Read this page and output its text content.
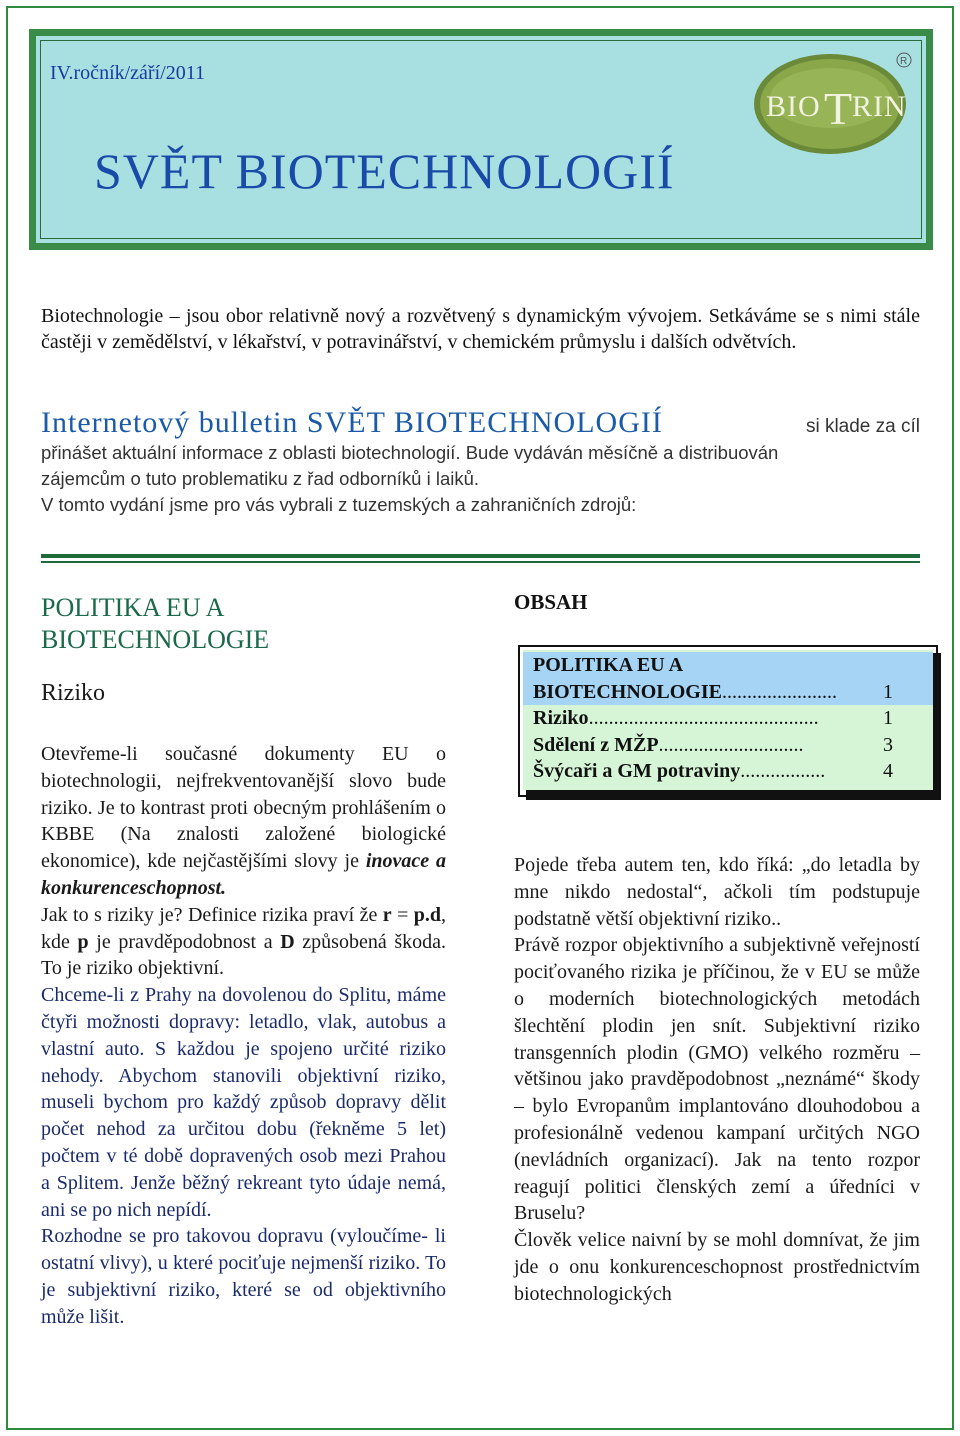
IV.ročník/září/2011
SVĚT BIOTECHNOLOGIÍ
BIO T RIN
R
Biotechnologie – jsou obor relativně nový a rozvětvený s dynamickým vývojem. Setkáváme se s nimi stále častěji v zemědělství, v lékařství, v potravinářství, v chemickém průmyslu i dalších odvětvích.
Internetový bulletin SVĚT BIOTECHNOLOGIÍ	si klade za cíl
přinášet aktuální informace z oblasti biotechnologií. Bude vydáván měsíčně a distribuován
zájemcům o tuto problematiku z řad odborníků i laiků.
V tomto vydání jsme pro vás vybrali z tuzemských a zahraničních zdrojů:
POLITIKA EU A
BIOTECHNOLOGIE
Riziko
Otevřeme-li současné dokumenty EU o biotechnologii, nejfrekventovanější slovo bude riziko. Je to kontrast proti obecným prohlášením o KBBE (Na znalosti založené biologické ekonomice), kde nejčastějšími slovy je inovace a konkurenceschopnost.
Jak to s riziky je? Definice rizika praví že r = p.d, kde p je pravděpodobnost a D způsobená škoda. To je riziko objektivní.
Chceme-li z Prahy na dovolenou do Splitu, máme čtyři možnosti dopravy: letadlo, vlak, autobus a vlastní auto. S každou je spojeno určité riziko nehody. Abychom stanovili objektivní riziko, museli bychom pro každý způsob dopravy dělit počet nehod za určitou dobu (řekněme 5 let) počtem v té době dopravených osob mezi Prahou a Splitem. Jenže běžný rekreant tyto údaje nemá, ani se po nich nepídí.
Rozhodne se pro takovou dopravu (vyloučíme- li ostatní vlivy), u které pociťuje nejmenší riziko. To je subjektivní riziko, které se od objektivního může lišit.
OBSAH
POLITIKA EU A
BIOTECHNOLOGIE .......................	1
Riziko ..............................................	1
Sdělení z MŽP .............................	3
Švýcaři a GM potraviny .................	4

Pojede třeba autem ten, kdo říká: „do letadla by mne nikdo nedostal“, ačkoli tím podstupuje podstatně větší objektivní riziko..

Právě rozpor objektivního a subjektivně veřejností pociťovaného rizika je příčinou, že v EU se může o moderních biotechnologických metodách šlechtění plodin jen snít. Subjektivní riziko transgenních plodin (GMO) velkého rozměru – většinou jako pravděpodobnost „neznámé“ škody – bylo Evropanům implantováno dlouhodobou a profesionálně vedenou kampaní určitých NGO (nevládních organizací). Jak na tento rozpor reagují politici členských zemí a úředníci v Bruselu?

Člověk velice naivní by se mohl domnívat, že jim jde o onu konkurenceschopnost prostřednictvím biotechnologických
